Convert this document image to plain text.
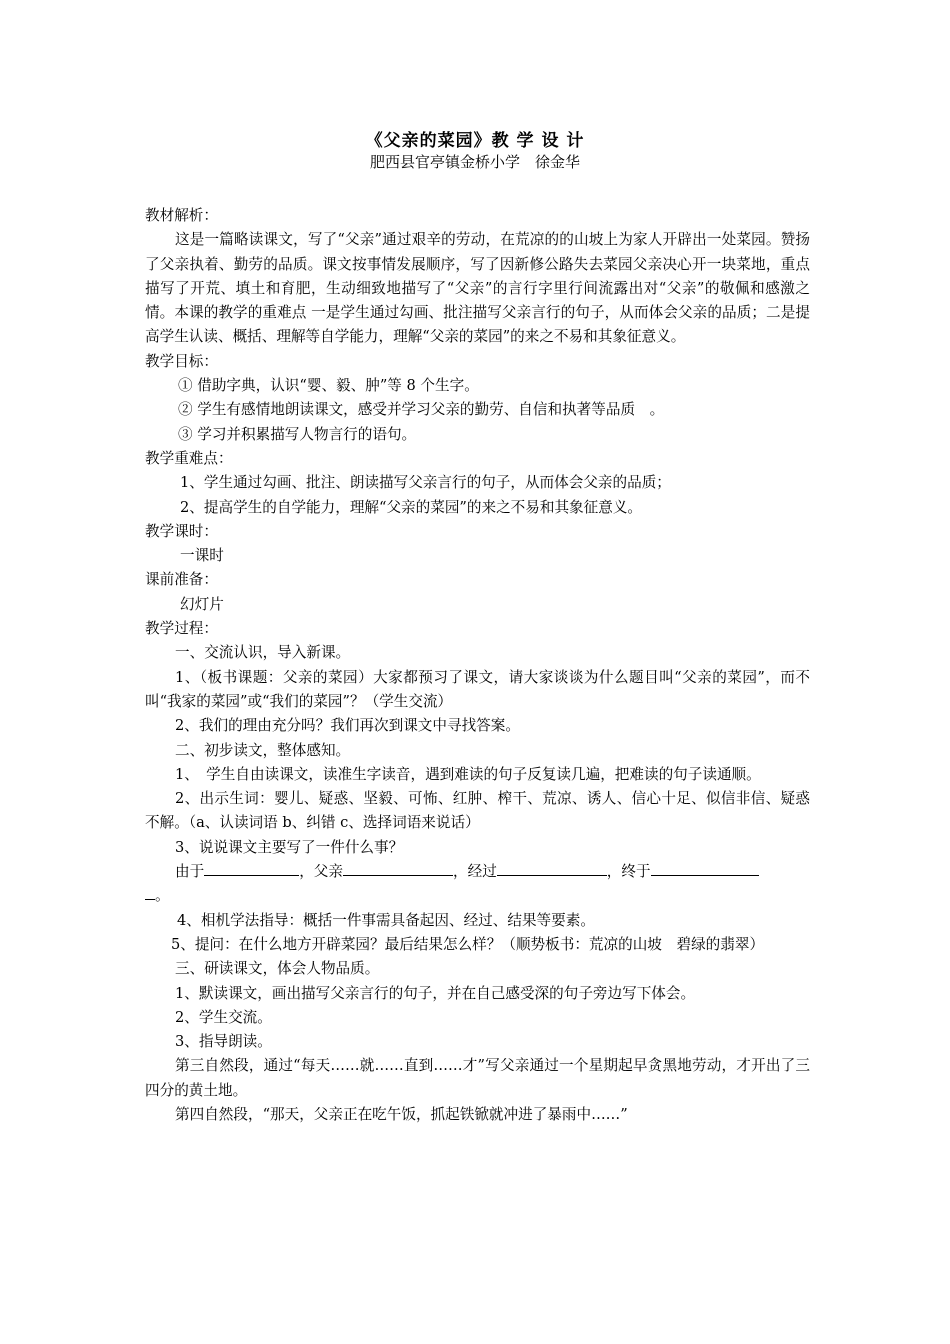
《父亲的菜园》教 学 设 计
肥西县官亭镇金桥小学　徐金华

教材解析：

这是一篇略读课文，写了“父亲”通过艰辛的劳动，在荒凉的的山坡上为家人开辟出一处菜园。赞扬了父亲执着、勤劳的品质。课文按事情发展顺序，写了因新修公路失去菜园父亲决心开一块菜地，重点描写了开荒、填土和育肥，生动细致地描写了“父亲”的言行字里行间流露出对“父亲”的敬佩和感激之情。本课的教学的重难点 一是学生通过勾画、批注描写父亲言行的句子，从而体会父亲的品质；二是提高学生认读、概括、理解等自学能力，理解“父亲的菜园”的来之不易和其象征意义。

教学目标：

① 借助字典，认识“婴、毅、肿”等 8 个生字。

② 学生有感情地朗读课文，感受并学习父亲的勤劳、自信和执著等品质　。

③ 学习并积累描写人物言行的语句。

教学重难点：

1、学生通过勾画、批注、朗读描写父亲言行的句子，从而体会父亲的品质；

2、提高学生的自学能力，理解“父亲的菜园”的来之不易和其象征意义。

教学课时：

一课时

课前准备：

幻灯片

教学过程：

一、交流认识，导入新课。

1、（板书课题：父亲的菜园）大家都预习了课文，请大家谈谈为什么题目叫“父亲的菜园”，而不叫“我家的菜园”或“我们的菜园”？（学生交流）

2、我们的理由充分吗？我们再次到课文中寻找答案。

二、初步读文，整体感知。

1、　学生自由读课文，读准生字读音，遇到难读的句子反复读几遍，把难读的句子读通顺。

2、出示生词：婴儿、疑惑、坚毅、可怖、红肿、榨干、荒凉、诱人、信心十足、似信非信、疑惑不解。（a、认读词语 b、纠错 c、选择词语来说话）

3、说说课文主要写了一件什么事？

由于	，父亲	，经过	，终于

。

4、相机学法指导：概括一件事需具备起因、经过、结果等要素。

5、提问：在什么地方开辟菜园？最后结果怎么样？（顺势板书：荒凉的山坡　碧绿的翡翠）

三、研读课文，体会人物品质。

1、默读课文，画出描写父亲言行的句子，并在自己感受深的句子旁边写下体会。

2、学生交流。

3、指导朗读。

第三自然段，通过“每天……就……直到……才”写父亲通过一个星期起早贪黑地劳动，才开出了三四分的黄土地。

第四自然段，“那天，父亲正在吃午饭，抓起铁锨就冲进了暴雨中……”
